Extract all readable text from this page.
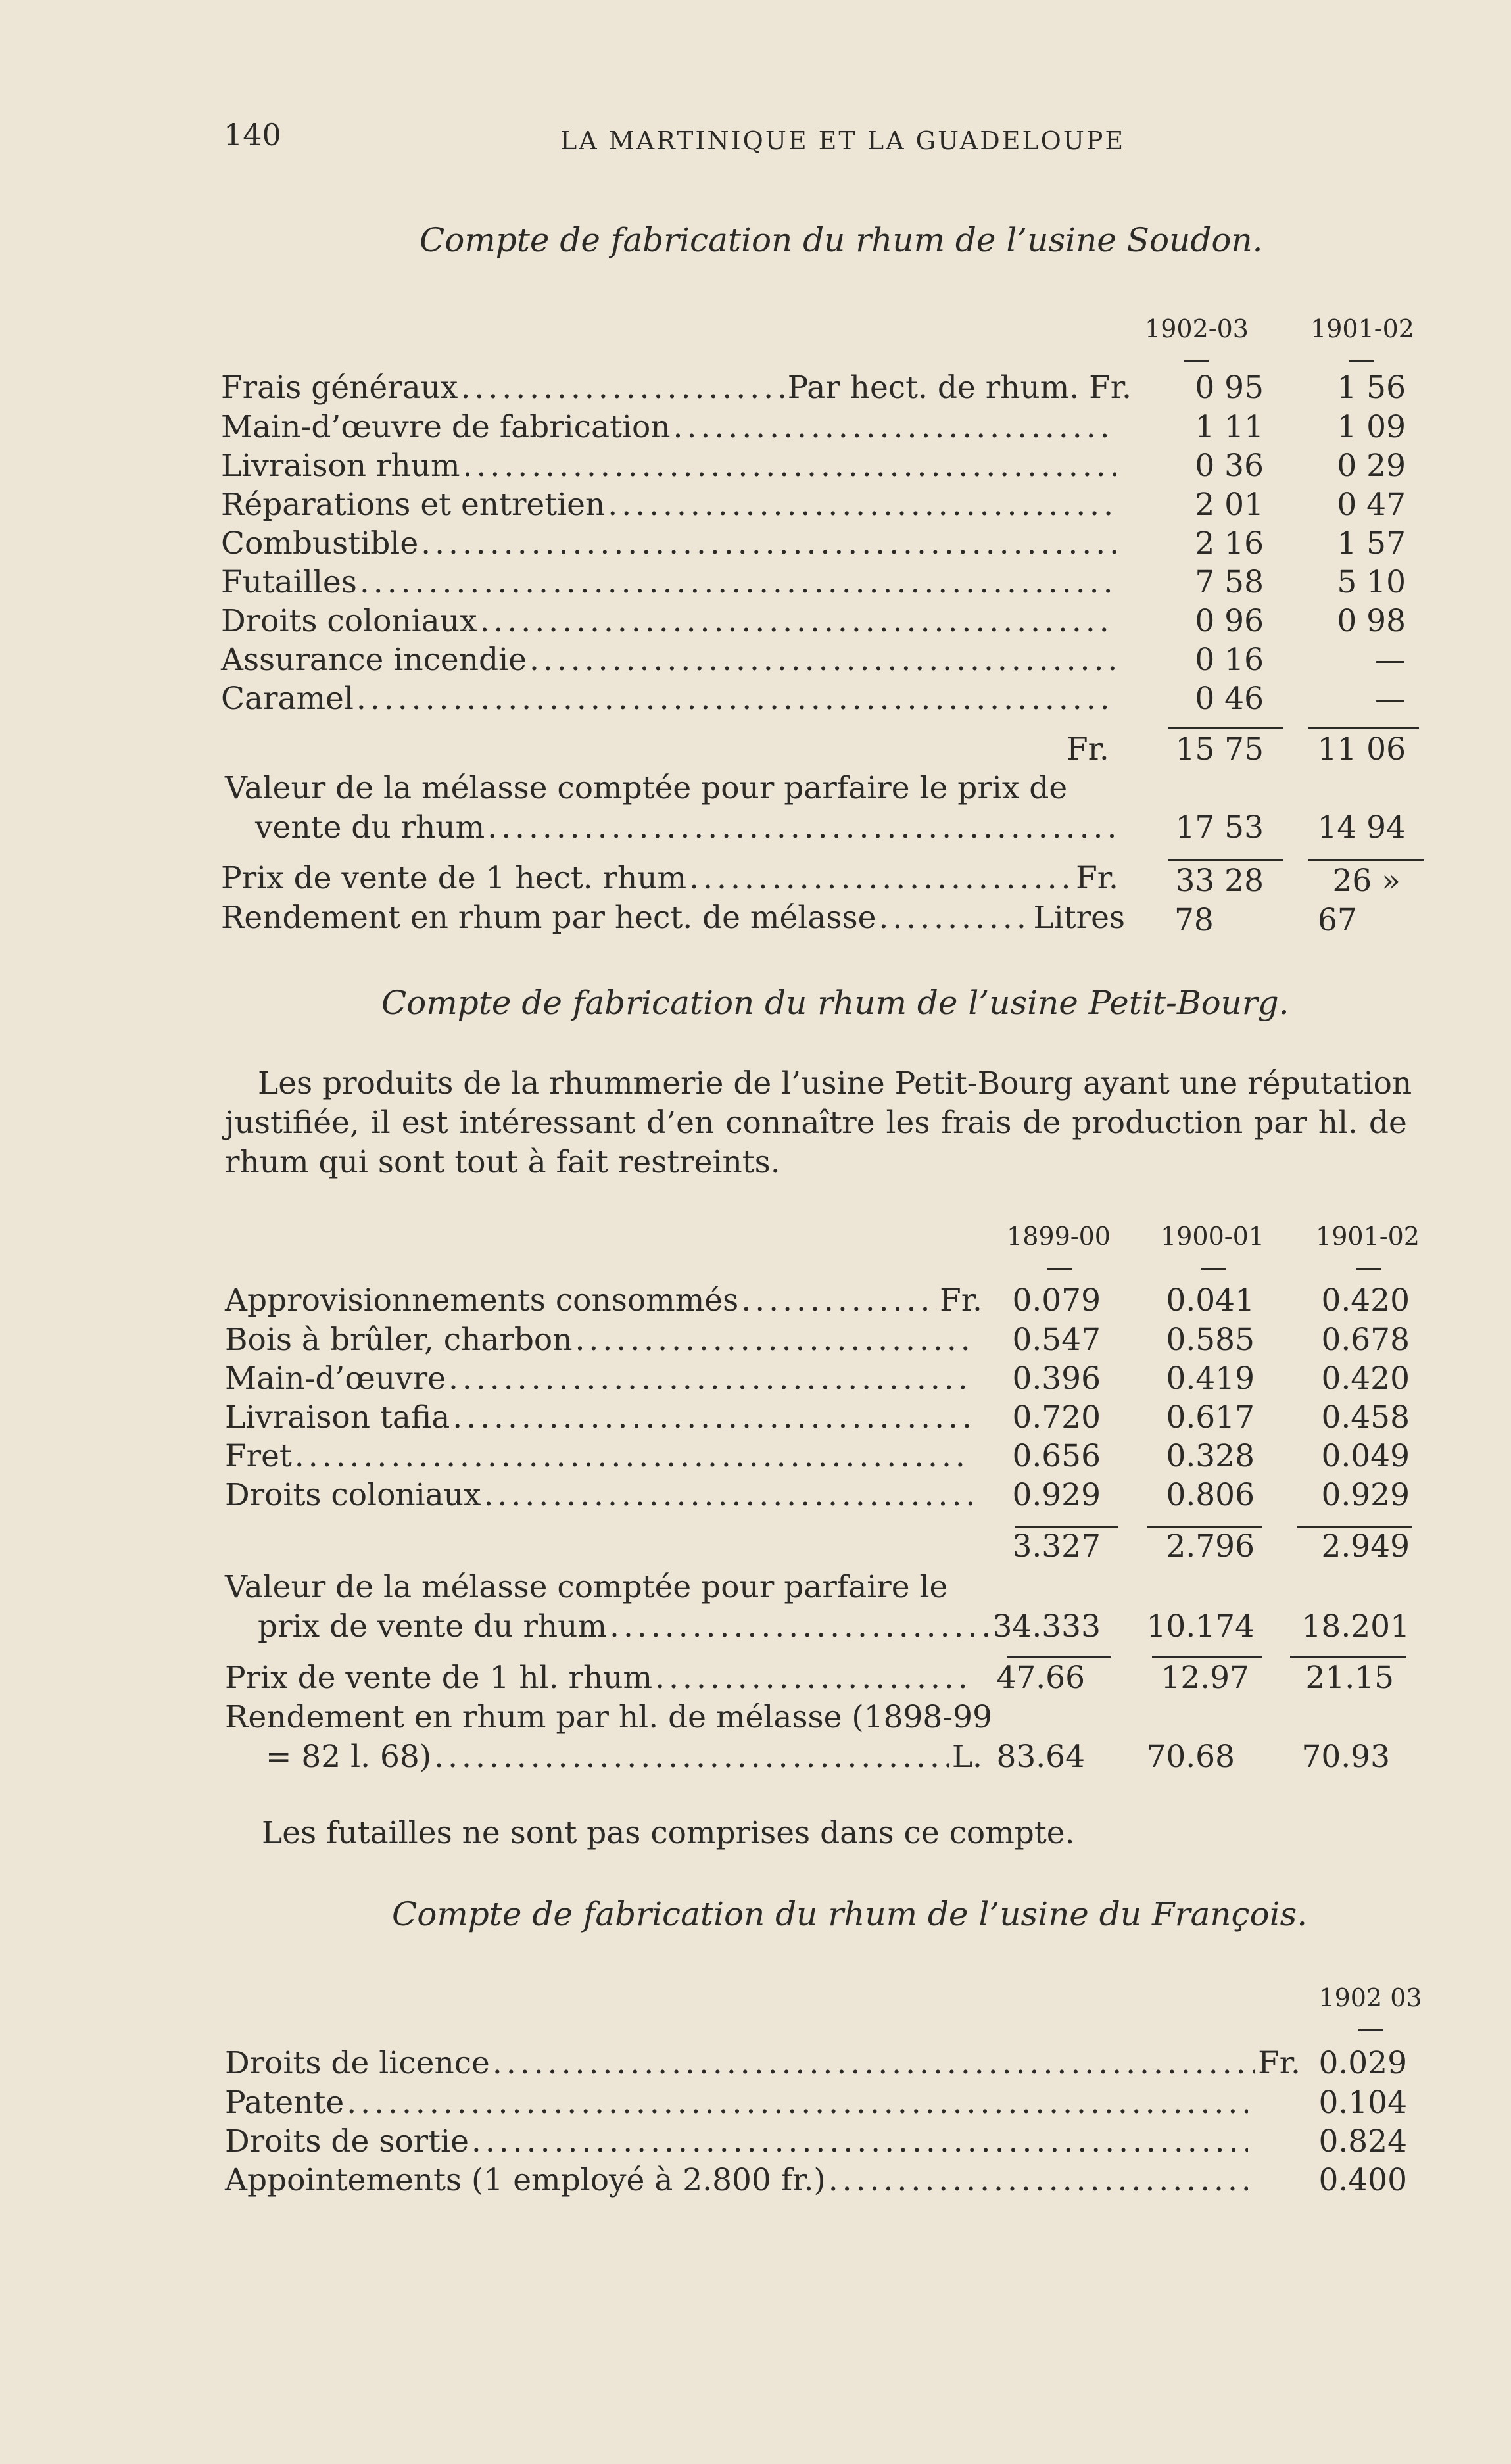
140	LA MARTINIQUE ET LA GUADELOUPE
Compte de fabrication du rhum de l’usine Soudon.
1902-03	1901-02
Frais généraux .....	Par hect. de rhum. Fr.	0 95	1 56
Main-d’œuvre de fabrication .....	1 11	1 09
Livraison rhum .....	0 36	0 29
Réparations et entretien .....	2 01	0 47
Combustible .....	2 16	1 57
Futailles .....	7 58	5 10
Droits coloniaux .....	0 96	0 98
Assurance incendie .....	0 16	—
Caramel .....	0 46	—
Fr.	15 75	11 06
Valeur de la mélasse comptée pour parfaire le prix de
vente du rhum .....	17 53	14 94
Prix de vente de 1 hect. rhum .....	Fr.	33 28	26 »
Rendement en rhum par hect. de mélasse .....	Litres 78	67
Compte de fabrication du rhum de l’usine Petit-Bourg.
Les produits de la rhummerie de l’usine Petit-Bourg ayant une réputation
justifiée, il est intéressant d’en connaître les frais de production par hl. de
rhum qui sont tout à fait restreints.
1899-00	1900-01	1901-02
Approvisionnements consommés .....	Fr. 0.079	0.041	0.420
Bois à brûler, charbon .....	0.547	0.585	0.678
Main-d’œuvre .....	0.396	0.419	0.420
Livraison tafia .....	0.720	0.617	0.458
Fret .....	0.656	0.328	0.049
Droits coloniaux .....	0.929	0.806	0.929
3.327	2.796	2.949
Valeur de la mélasse comptée pour parfaire le
prix de vente du rhum .....	34.333	10.174	18.201
Prix de vente de 1 hl. rhum .....	47.66	12.97	21.15
Rendement en rhum par hl. de mélasse (1898-99
= 82 l. 68) .....	L. 83.64	70.68	70.93
Les futailles ne sont pas comprises dans ce compte.
Compte de fabrication du rhum de l’usine du François.
1902 03
Droits de licence .....	Fr. 0.029
Patente .....	0.104
Droits de sortie .....	0.824
Appointements (1 employé à 2.800 fr.) .....	0.400
